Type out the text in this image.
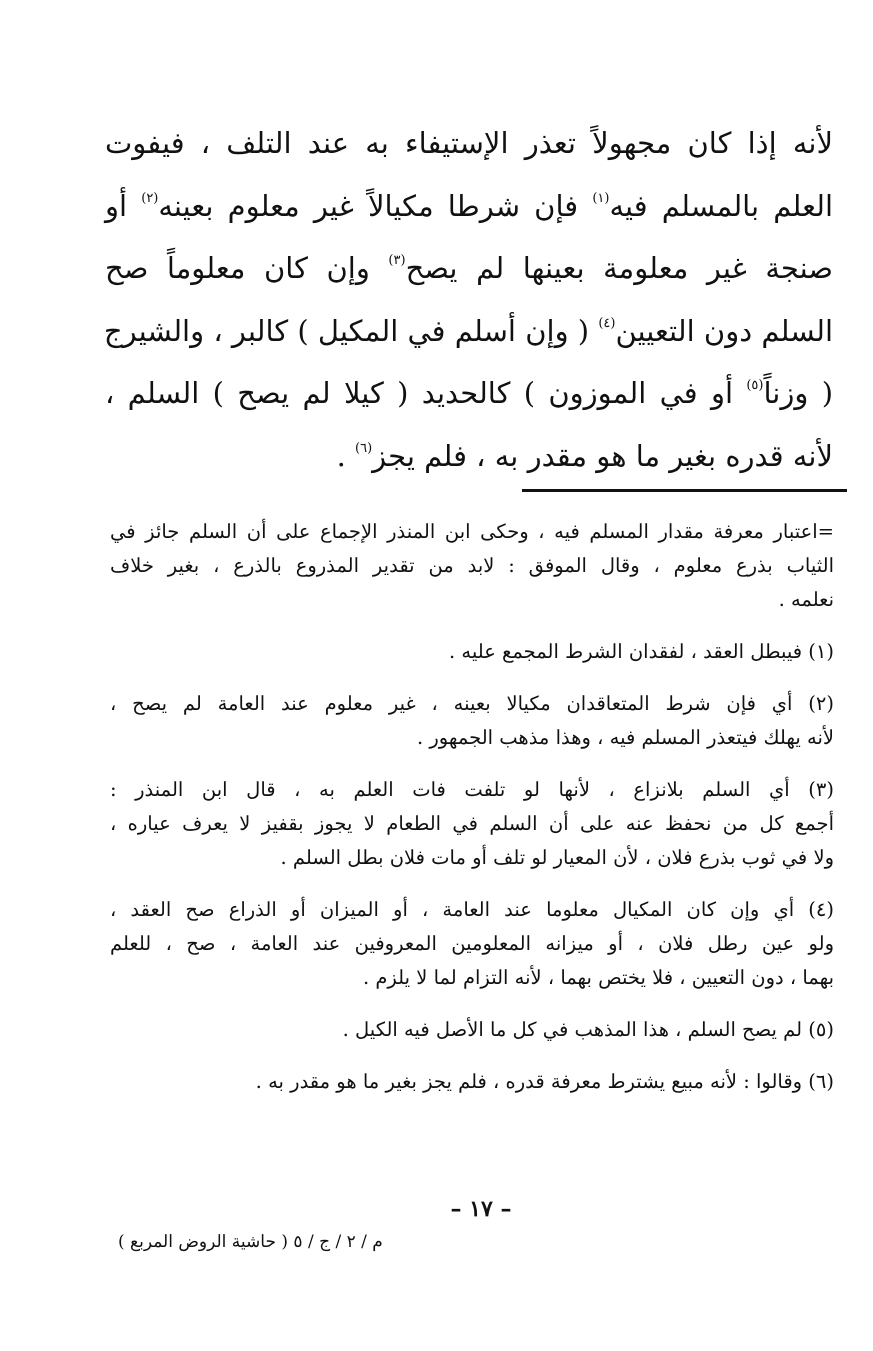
لأنه إذا كان مجهولاً تعذر الإستيفاء به عند التلف ، فيفوت
العلم بالمسلم فيه$^{(١)}$ فإن شرطا مكيالاً غير معلوم بعينه$^{(٢)}$ أو
صنجة غير معلومة بعينها لم يصح$^{(٣)}$ وإن كان معلوماً صح
السلم دون التعيين$^{(٤)}$ ( وإن أسلم في المكيل ) كالبر ، والشيرج
( وزناً$^{(٥)}$ أو في الموزون ) كالحديد ( كيلا لم يصح ) السلم ،
لأنه قدره بغير ما هو مقدر به ، فلم يجز$^{(٦)}$ .
=اعتبار معرفة مقدار المسلم فيه ، وحكى ابن المنذر الإجماع على أن السلم جائز في
الثياب بذرع معلوم ، وقال الموفق : لابد من تقدير المذروع بالذرع ، بغير خلاف
نعلمه .
(١) فيبطل العقد ، لفقدان الشرط المجمع عليه .
(٢) أي فإن شرط المتعاقدان مكيالا بعينه ، غير معلوم عند العامة لم يصح ،
لأنه يهلك فيتعذر المسلم فيه ، وهذا مذهب الجمهور .
(٣) أي السلم بلانزاع ، لأنها لو تلفت فات العلم به ، قال ابن المنذر :
أجمع كل من نحفظ عنه على أن السلم في الطعام لا يجوز بقفيز لا يعرف عياره ،
ولا في ثوب بذرع فلان ، لأن المعيار لو تلف أو مات فلان بطل السلم .
(٤) أي وإن كان المكيال معلوما عند العامة ، أو الميزان أو الذراع صح العقد ،
ولو عين رطل فلان ، أو ميزانه المعلومين المعروفين عند العامة ، صح ، للعلم
بهما ، دون التعيين ، فلا يختص بهما ، لأنه التزام لما لا يلزم .
(٥) لم يصح السلم ، هذا المذهب في كل ما الأصل فيه الكيل .
(٦) وقالوا : لأنه مبيع يشترط معرفة قدره ، فلم يجز بغير ما هو مقدر به .
– ١٧ –
م / ٢ / ج / ٥ ( حاشية الروض المربع )
